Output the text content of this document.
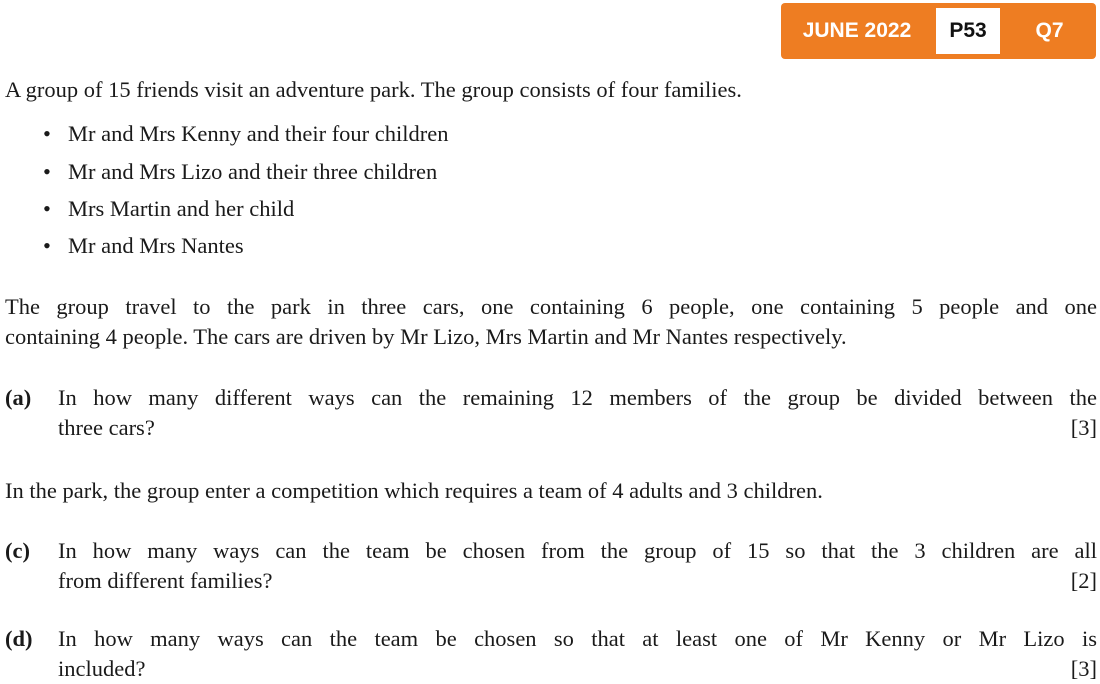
JUNE 2022	P53	Q7
A group of 15 friends visit an adventure park. The group consists of four families.
• Mr and Mrs Kenny and their four children
• Mr and Mrs Lizo and their three children
• Mrs Martin and her child
• Mr and Mrs Nantes
The group travel to the park in three cars, one containing 6 people, one containing 5 people and one
containing 4 people. The cars are driven by Mr Lizo, Mrs Martin and Mr Nantes respectively.
(a) In how many different ways can the remaining 12 members of the group be divided between the
three cars?	[3]
In the park, the group enter a competition which requires a team of 4 adults and 3 children.
(c) In how many ways can the team be chosen from the group of 15 so that the 3 children are all
from different families?	[2]
(d) In how many ways can the team be chosen so that at least one of Mr Kenny or Mr Lizo is
included?	[3]
